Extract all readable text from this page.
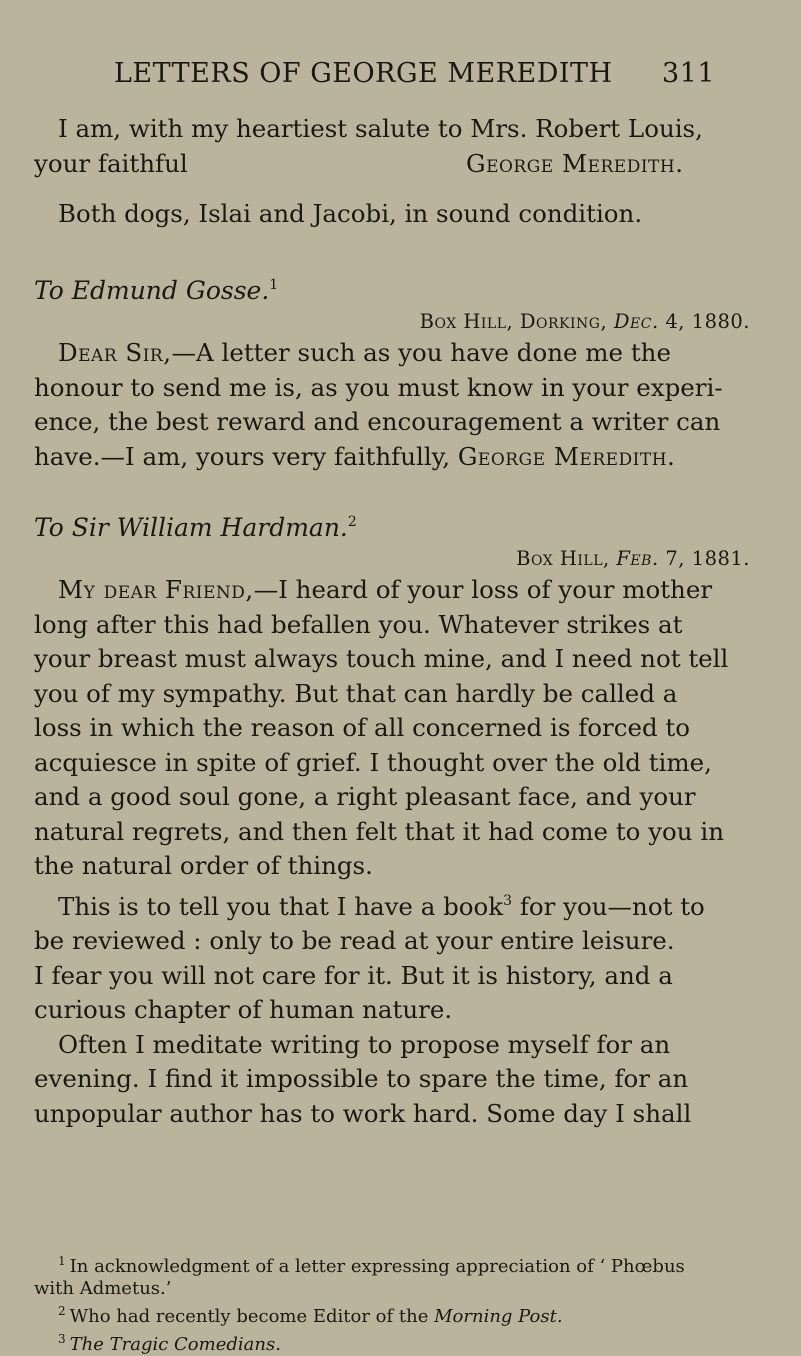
LETTERS OF GEORGE MEREDITH 311
I am, with my heartiest salute to Mrs. Robert Louis,
your faithful	George Meredith.
Both dogs, Islai and Jacobi, in sound condition.
To Edmund Gosse.$^1$
Box Hill, Dorking, Dec. 4, 1880.
Dear Sir,—A letter such as you have done me the
honour to send me is, as you must know in your experi-
ence, the best reward and encouragement a writer can
have.—I am, yours very faithfully, George Meredith.
To Sir William Hardman.$^2$
Box Hill, Feb. 7, 1881.
My dear Friend,—I heard of your loss of your mother
long after this had befallen you. Whatever strikes at
your breast must always touch mine, and I need not tell
you of my sympathy. But that can hardly be called a
loss in which the reason of all concerned is forced to
acquiesce in spite of grief. I thought over the old time,
and a good soul gone, a right pleasant face, and your
natural regrets, and then felt that it had come to you in
the natural order of things.
This is to tell you that I have a book$^3$ for you—not to
be reviewed : only to be read at your entire leisure.
I fear you will not care for it. But it is history, and a
curious chapter of human nature.
Often I meditate writing to propose myself for an
evening. I find it impossible to spare the time, for an
unpopular author has to work hard. Some day I shall
$^1$ In acknowledgment of a letter expressing appreciation of ‘ Phœbus
with Admetus.’
$^2$ Who had recently become Editor of the Morning Post.
$^3$ The Tragic Comedians.
